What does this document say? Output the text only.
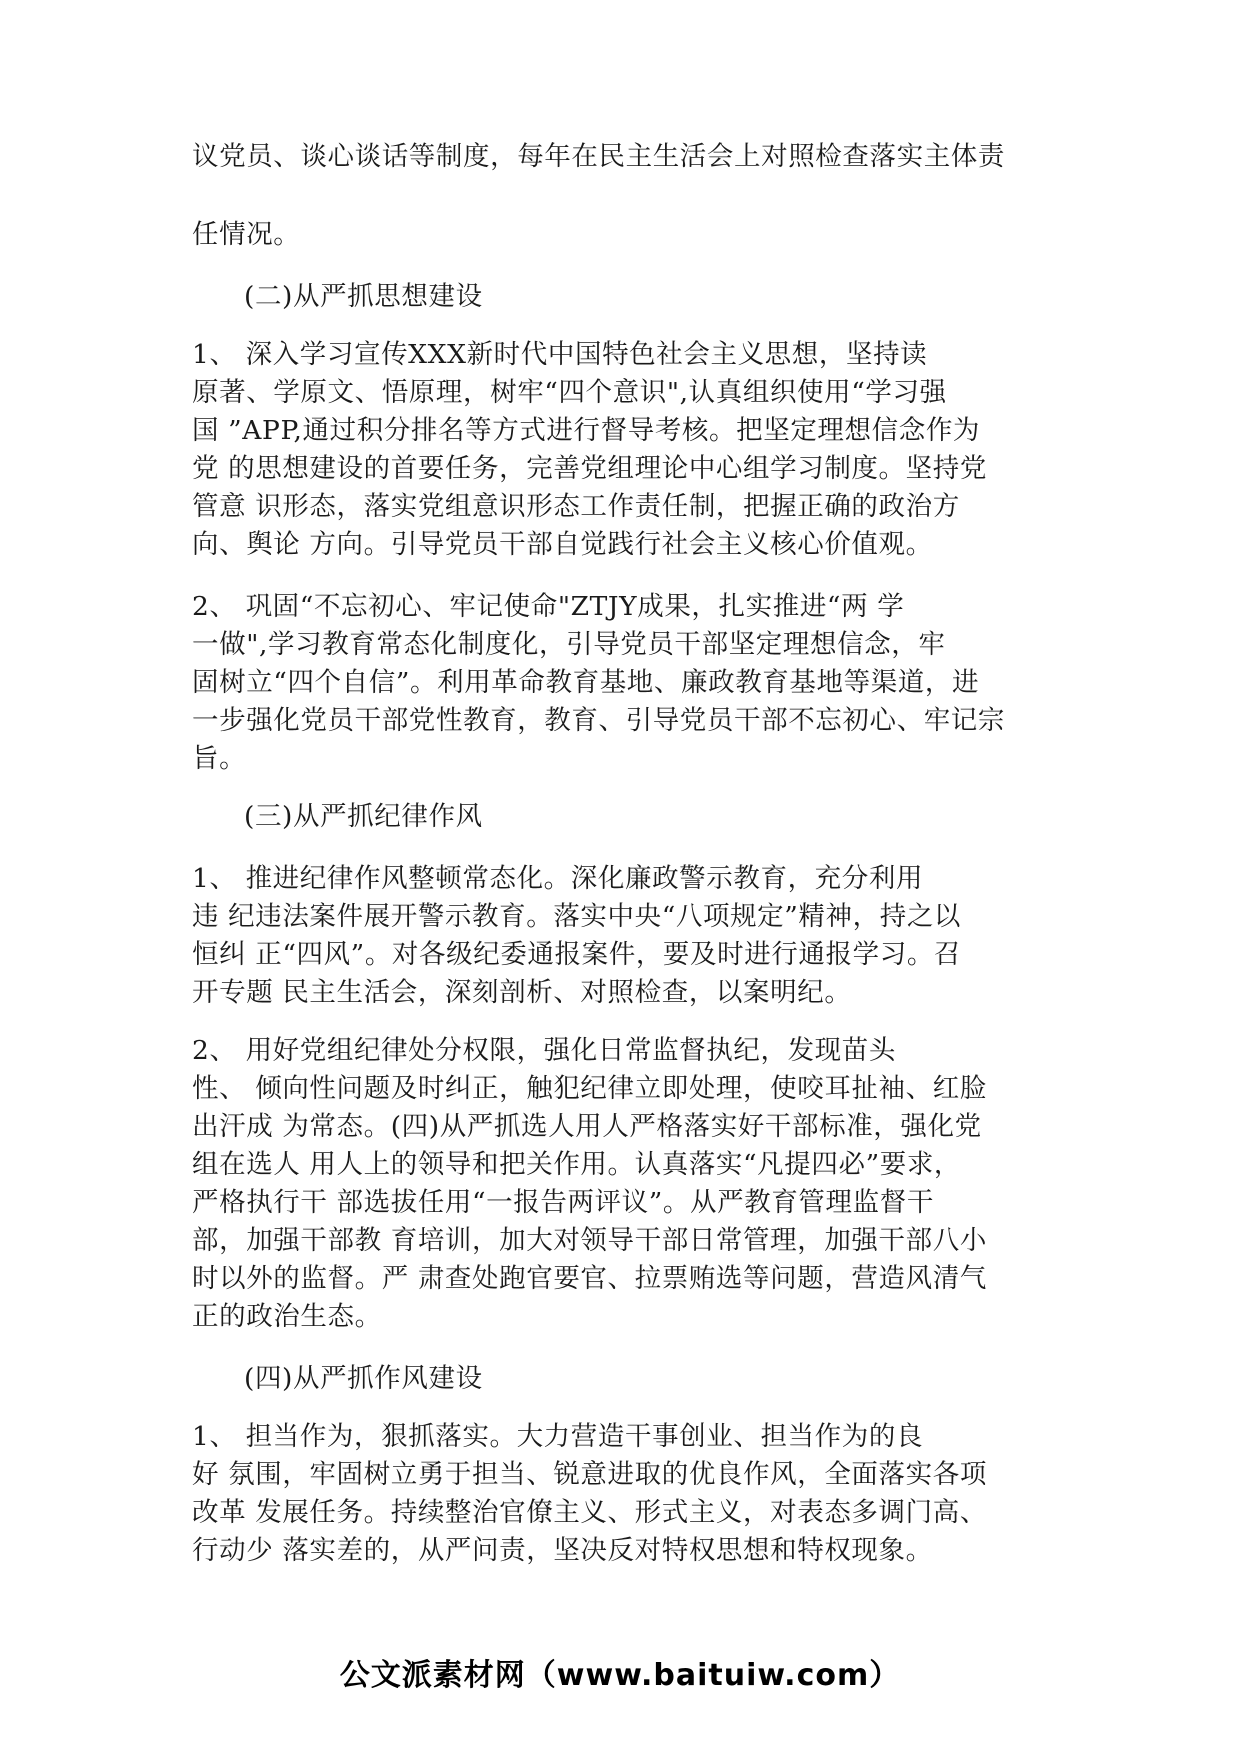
议党员、谈心谈话等制度，每年在民主生活会上对照检查落实主体责
任情况。
(二)从严抓思想建设
1、 深入学习宣传XXX新时代中国特色社会主义思想，坚持读
原著、学原文、悟原理，树牢“四个意识",认真组织使用“学习强
国 ”APP,通过积分排名等方式进行督导考核。把坚定理想信念作为
党 的思想建设的首要任务，完善党组理论中心组学习制度。坚持党
管意 识形态，落实党组意识形态工作责任制，把握正确的政治方
向、舆论 方向。引导党员干部自觉践行社会主义核心价值观。
2、 巩固“不忘初心、牢记使命"ZTJY成果，扎实推进“两 学
一做",学习教育常态化制度化，引导党员干部坚定理想信念，牢
固树立“四个自信”。利用革命教育基地、廉政教育基地等渠道，进
一步强化党员干部党性教育，教育、引导党员干部不忘初心、牢记宗
旨。
(三)从严抓纪律作风
1、 推进纪律作风整顿常态化。深化廉政警示教育，充分利用
违 纪违法案件展开警示教育。落实中央“八项规定”精神，持之以
恒纠 正“四风”。对各级纪委通报案件，要及时进行通报学习。召
开专题 民主生活会，深刻剖析、对照检查，以案明纪。
2、 用好党组纪律处分权限，强化日常监督执纪，发现苗头
性、 倾向性问题及时纠正，触犯纪律立即处理，使咬耳扯袖、红脸
出汗成 为常态。(四)从严抓选人用人严格落实好干部标准，强化党
组在选人 用人上的领导和把关作用。认真落实“凡提四必”要求，
严格执行干 部选拔任用“一报告两评议”。从严教育管理监督干
部，加强干部教 育培训，加大对领导干部日常管理，加强干部八小
时以外的监督。严 肃查处跑官要官、拉票贿选等问题，营造风清气
正的政治生态。
(四)从严抓作风建设
1、 担当作为，狠抓落实。大力营造干事创业、担当作为的良
好 氛围，牢固树立勇于担当、锐意进取的优良作风，全面落实各项
改革 发展任务。持续整治官僚主义、形式主义，对表态多调门高、
行动少 落实差的，从严问责，坚决反对特权思想和特权现象。
公文派素材网（www.baituiw.com）
